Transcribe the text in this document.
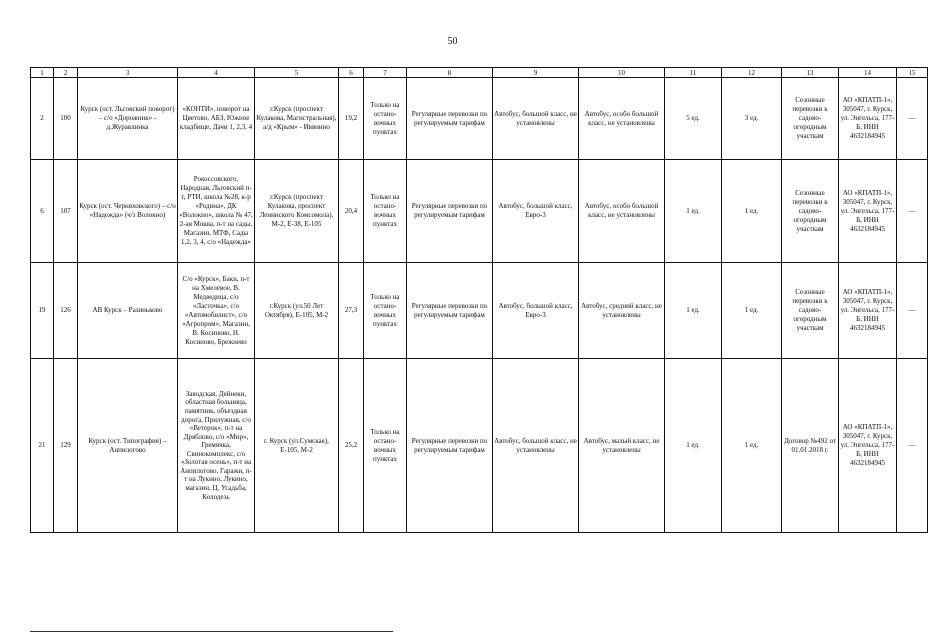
50
1	2	3	4	5	6	7	8	9	10	11	12	13	14	15
2	100	Курск (ост. Льговский поворот) – с/о «Дорожник» - д.Журавлинка	«КОНТИ», поворот на Цветово, АБЗ, Южное кладбище, Дачи 1, 2,3, 4	г.Курск (проспект Кулакова, Магистральная), а/д «Крым» - Ивянино	19,2	Только на остано-вочных пунктах	Регулярные перевозки по регулируемым тарифам	Автобус, большой класс, не установлены	Автобус, особо большой класс, не установлены	5 ед.	3 ед.	Сезонные перевозки к садово-огородным участкам	АО «КПАТП-1», 305047, г. Курск, ул. Энгельса, 177-Б, ИНН 4632184945	—
6	107	Курск (ост. Черняховского) – с/о «Надежда» (ч/з Волокно)	Рокоссовского, Народная, Льговский п-т, РТИ, школа №28, к-р «Родина», ДК «Волокно», школа № 47, 2-ая Моква, п-т на сады, Магазин, МТФ, Сады 1,2, 3, 4, с/о «Надежда»	г.Курск (проспект Кулакова, проспект Ленинского Комсомола), М-2, Е-38, Е-105	20,4	Только на остано-вочных пунктах	Регулярные перевозки по регулируемым тарифам	Автобус, большой класс, Евро-3	Автобус, особо большой класс, не установлены	1 ед.	1 ед.	Сезонные перевозки к садово-огородным участкам	АО «КПАТП-1», 305047, г. Курск, ул. Энгельса, 177-Б, ИНН 4632184945	—
19	126	АВ Курск – Разиньково	С/о «Курск», Баки, п-т на Хмелевое, В. Медведица, с/о «Ласточка», с/о «Автомобилист», с/о «Агропром», Магазин, В. Косиново, Н. Косиново, Брежнево	г.Курск (ул.50 Лет Октября), Е-105, М-2	27,3	Только на остано-вочных пунктах	Регулярные перевозки по регулируемым тарифам	Автобус, большой класс, Евро-3	Автобус, средний класс, не установлены	1 ед.	1 ед.	Сезонные перевозки к садово-огородным участкам	АО «КПАТП-1», 305047, г. Курск, ул. Энгельса, 177-Б, ИНН 4632184945	—
21	129	Курск (ост. Типография) – Анпилогово	Заводская, Дейнеки, областная больница, памятник, объездная дорога, Прилужная, с/о «Ветерок», п-т на Дряблово, с/о «Мир», Гремячка, Свинокомплекс, с/о «Золотая осень», п-т на Анпилогово, Гаражи, п-т на Лукино, Лукино, магазин, Ц. Усадьба, Колодезь	г. Курск (ул.Сумская), Е-105, М-2	25,2	Только на остано-вочных пунктах	Регулярные перевозки по регулируемым тарифам	Автобус, большой класс, не установлены	Автобус, малый класс, не установлены	1 ед.	1 ед.	Договор №492 от 01.01.2018 г.	АО «КПАТП-1», 305047, г. Курск, ул. Энгельса, 177-Б, ИНН 4632184945	—
